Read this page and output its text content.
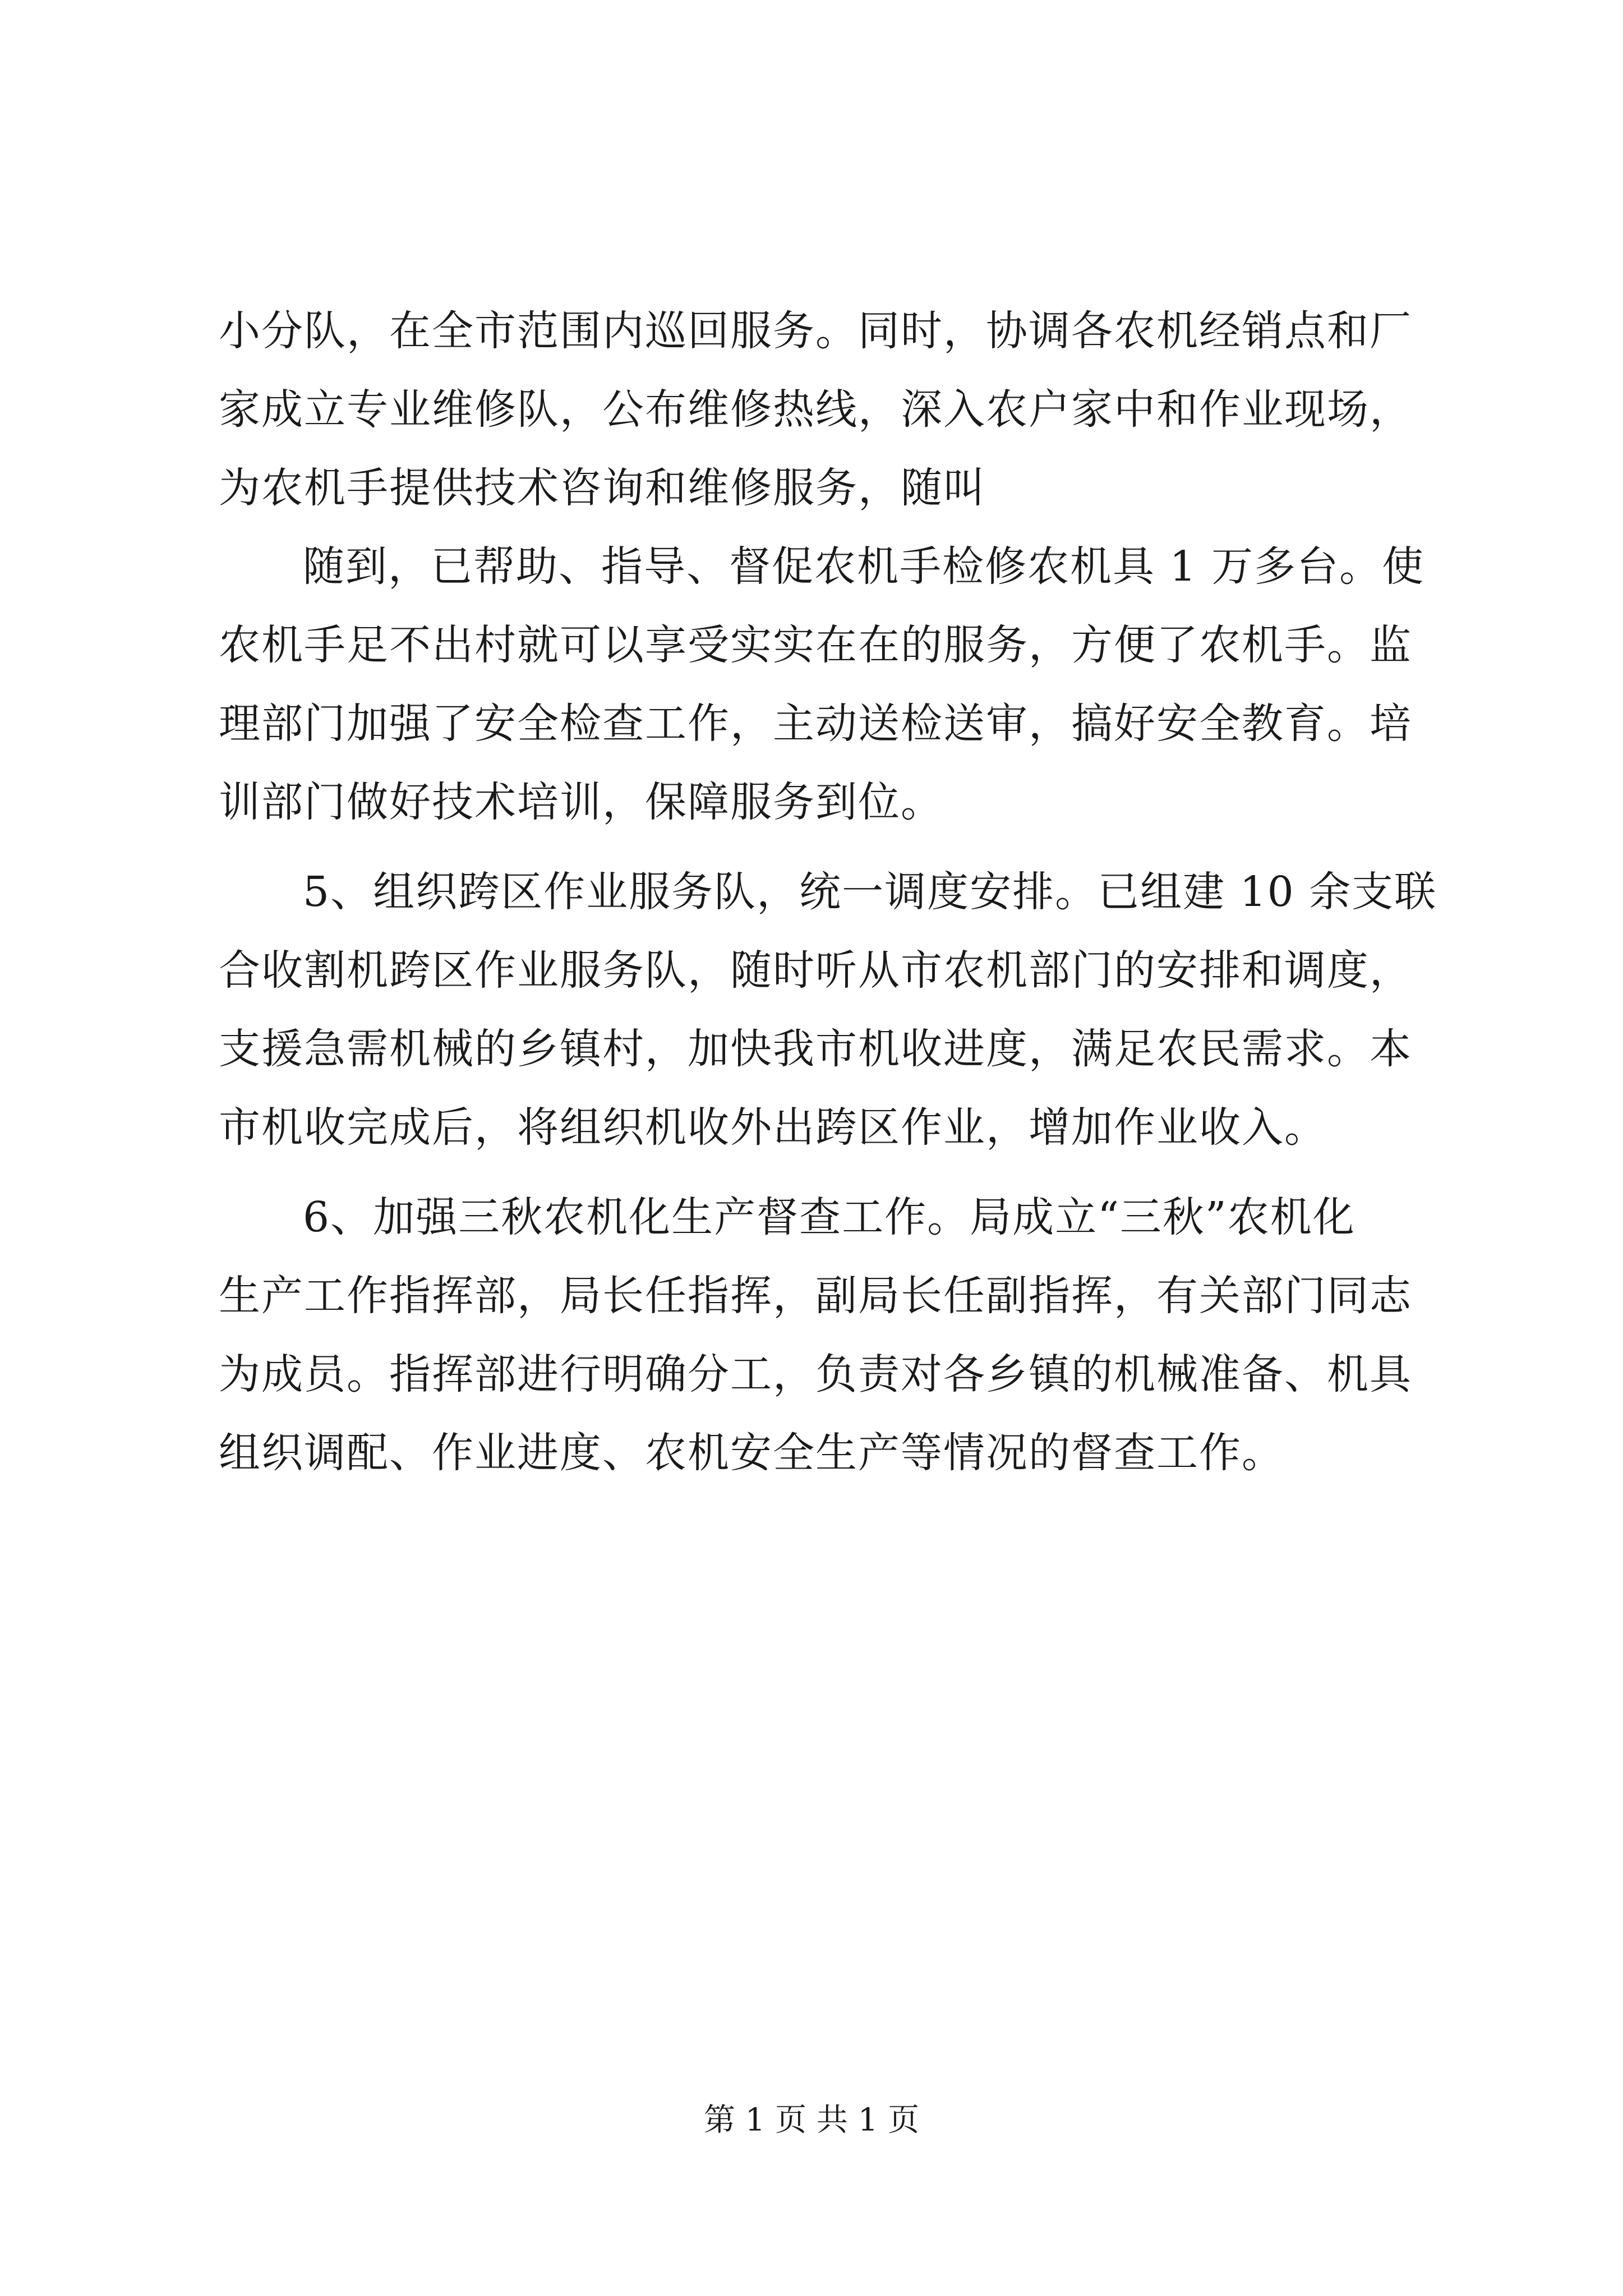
小分队，在全市范围内巡回服务。同时，协调各农机经销点和厂
家成立专业维修队，公布维修热线，深入农户家中和作业现场，
为农机手提供技术咨询和维修服务，随叫
随到，已帮助、指导、督促农机手检修农机具 1 万多台。使
农机手足不出村就可以享受实实在在的服务，方便了农机手。监
理部门加强了安全检查工作，主动送检送审，搞好安全教育。培
训部门做好技术培训，保障服务到位。
5、组织跨区作业服务队，统一调度安排。已组建 10 余支联
合收割机跨区作业服务队，随时听从市农机部门的安排和调度，
支援急需机械的乡镇村，加快我市机收进度，满足农民需求。本
市机收完成后，将组织机收外出跨区作业，增加作业收入。
6、加强三秋农机化生产督查工作。局成立“三秋”农机化
生产工作指挥部，局长任指挥，副局长任副指挥，有关部门同志
为成员。指挥部进行明确分工，负责对各乡镇的机械准备、机具
组织调配、作业进度、农机安全生产等情况的督查工作。
第 1 页 共 1 页
